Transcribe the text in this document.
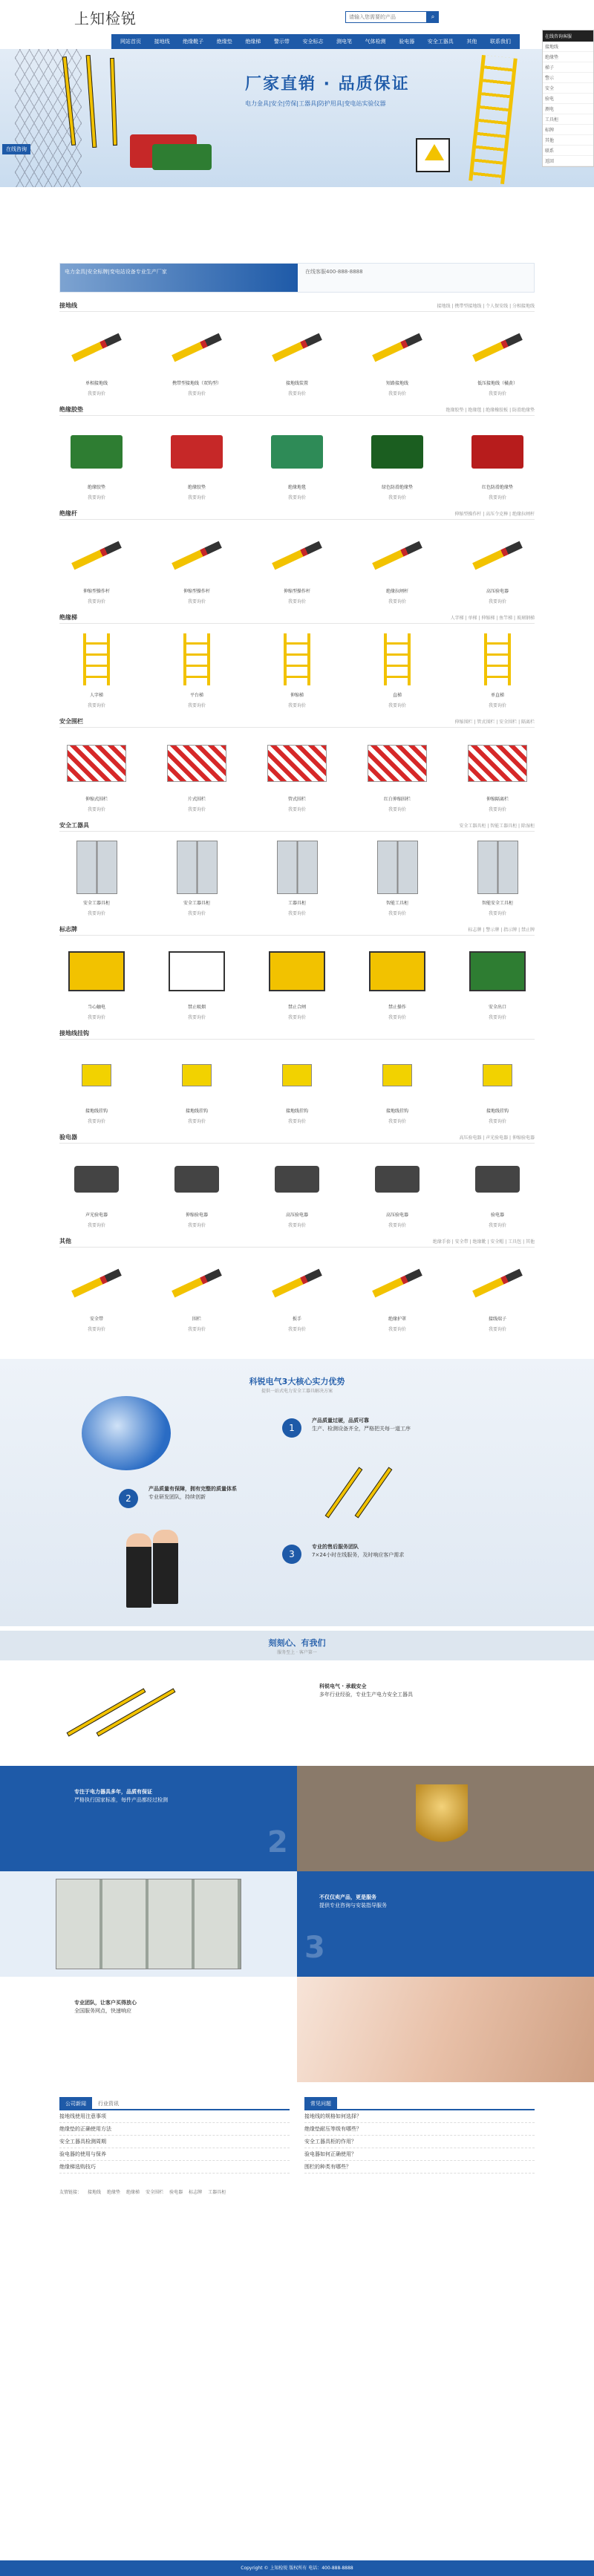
上知检锐
请输入您需要的产品	⌕
网站首页	接地线	绝缘靴子	绝缘垫	绝缘梯	警示带	安全标志	测电笔	气体检测	验电器	安全工器具	其他	联系我们
厂家直销 · 品质保证
电力金具|安全|劳保|工器具|防护用具|变电站实验仪器
在线咨询
在线咨询客服
接地线
绝缘垫
梯子
警示
安全
验电
测电
工具柜
标牌
其他
联系
返回
电力金具|安全标牌|变电站设备专业生产厂家	在线客服400-888-8888
接地线	接地线 | 携带型接地线 | 个人保安线 | 分相接地线
单相接地线
我要询价
携带型接地线（双钩型）
我要询价
接地线装置
我要询价
短路接地线
我要询价
低压接地线（橘黄）
我要询价
绝缘胶垫	绝缘胶垫 | 绝缘毯 | 绝缘橡胶板 | 防滑绝缘垫
绝缘胶垫
我要询价
绝缘胶垫
我要询价
绝缘地毯
我要询价
绿色防滑绝缘垫
我要询价
红色防滑绝缘垫
我要询价
绝缘杆	伸缩型操作杆 | 高压令克棒 | 绝缘拉闸杆
伸缩型操作杆
我要询价
伸缩型操作杆
我要询价
伸缩型操作杆
我要询价
绝缘拉闸杆
我要询价
高压验电器
我要询价
绝缘梯	人字梯 | 单梯 | 伸缩梯 | 鱼竿梯 | 玻璃钢梯
人字梯
我要询价
平台梯
我要询价
伸缩梯
我要询价
直梯
我要询价
单直梯
我要询价
安全围栏	伸缩围栏 | 管式围栏 | 安全围栏 | 隔离栏
伸缩式围栏
我要询价
片式围栏
我要询价
管式围栏
我要询价
红白伸缩围栏
我要询价
伸缩隔离栏
我要询价
安全工器具	安全工器具柜 | 智能工器具柜 | 除湿柜
安全工器具柜
我要询价
安全工器具柜
我要询价
工器具柜
我要询价
智能工具柜
我要询价
智能安全工具柜
我要询价
标志牌	标志牌 | 警示牌 | 指示牌 | 禁止牌
当心触电
我要询价
禁止吸烟
我要询价
禁止合闸
我要询价
禁止操作
我要询价
安全出口
我要询价
接地线挂钩
接地线挂钩
我要询价
接地线挂钩
我要询价
接地线挂钩
我要询价
接地线挂钩
我要询价
接地线挂钩
我要询价
验电器	高压验电器 | 声光验电器 | 伸缩验电器
声光验电器
我要询价
伸缩验电器
我要询价
高压验电器
我要询价
高压验电器
我要询价
验电器
我要询价
其他	绝缘手套 | 安全带 | 绝缘靴 | 安全帽 | 工具包 | 其他
安全带
我要询价
围栏
我要询价
扳手
我要询价
绝缘护罩
我要询价
接线端子
我要询价
科锐电气3大核心实力优势
提供一站式电力安全工器具解决方案
1
产品质量过硬，品质可靠
生产、检测设备齐全，严格把关每一道工序
2
产品质量有保障，拥有完整的质量体系
专业研发团队，持续创新
3
专业的售后服务团队
7×24小时在线服务，及时响应客户需求
刻刻心、有我们
服务至上 · 客户第一
科锐电气 · 承载安全
多年行业经验，专业生产电力安全工器具
专注于电力器具多年，品质有保证
严格执行国家标准，每件产品都经过检测
2
不仅仅卖产品，更是服务
提供专业咨询与安装指导服务
3
专业团队，让客户买得放心
全国服务网点，快速响应
公司新闻	行业资讯
接地线使用注意事项
绝缘垫的正确使用方法
安全工器具检测周期
验电器的使用与保养
绝缘梯选购技巧
常见问题
接地线的规格如何选择？
绝缘垫耐压等级有哪些？
安全工器具柜的作用？
验电器如何正确使用？
围栏的种类有哪些？
友情链接： 接地线 绝缘垫 绝缘梯 安全围栏 验电器 标志牌 工器具柜
Copyright © 上知检锐 版权所有 电话：400-888-8888
